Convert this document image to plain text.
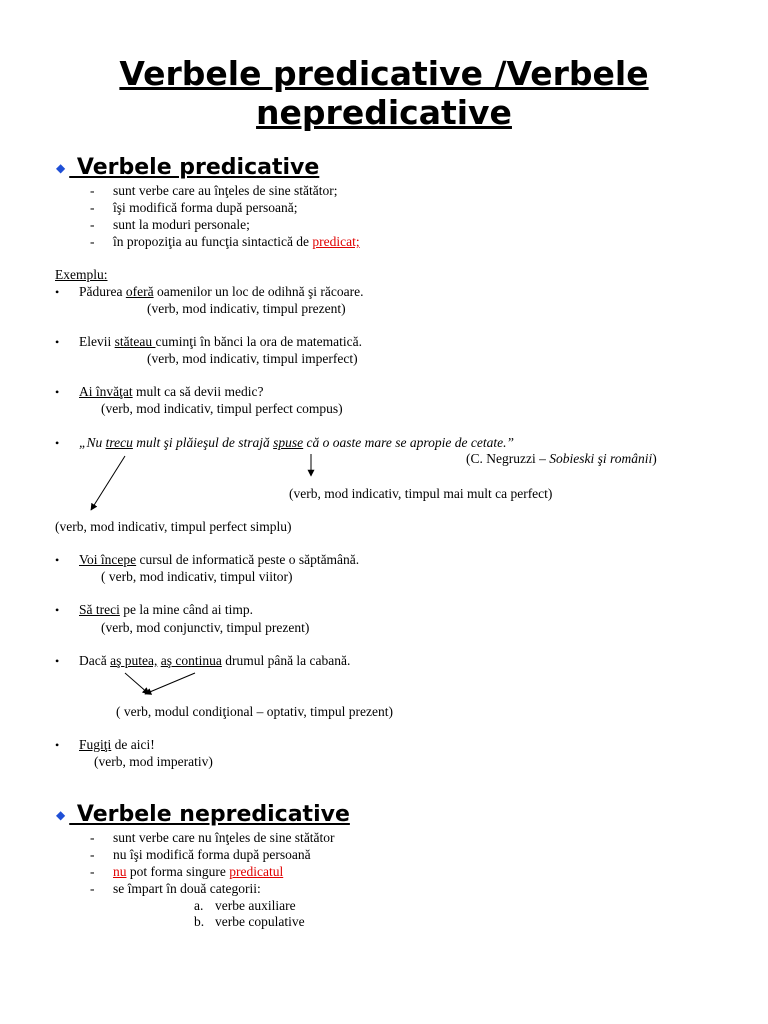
Verbele predicative /Verbele
nepredicative
◆ Verbele predicative
- sunt verbe care au înţeles de sine stătător;
- îşi modifică forma după persoană;
- sunt la moduri personale;
- în propoziţia au funcţia sintactică de predicat;
Exemplu:
• Pădurea oferă oamenilor un loc de odihnă şi răcoare.
(verb, mod indicativ, timpul prezent)
• Elevii stăteau cuminţi în bănci la ora de matematică.
(verb, mod indicativ, timpul imperfect)
• Ai învăţat mult ca să devii medic?
(verb, mod indicativ, timpul perfect compus)
• „Nu trecu mult şi plăieşul de strajă spuse că o oaste mare se apropie de cetate.”
(C. Negruzzi – Sobieski şi românii)
(verb, mod indicativ, timpul mai mult ca perfect)
(verb, mod indicativ, timpul perfect simplu)
• Voi începe cursul de informatică peste o săptămână.
( verb, mod indicativ, timpul viitor)
• Să treci pe la mine când ai timp.
(verb, mod conjunctiv, timpul prezent)
• Dacă aş putea, aş continua drumul până la cabană.
( verb, modul condiţional – optativ, timpul prezent)
• Fugiţi de aici!
(verb, mod imperativ)
◆ Verbele nepredicative
- sunt verbe care nu înţeles de sine stătător
- nu îşi modifică forma după persoană
- nu pot forma singure predicatul
- se împart în două categorii:
a. verbe auxiliare
b. verbe copulative
